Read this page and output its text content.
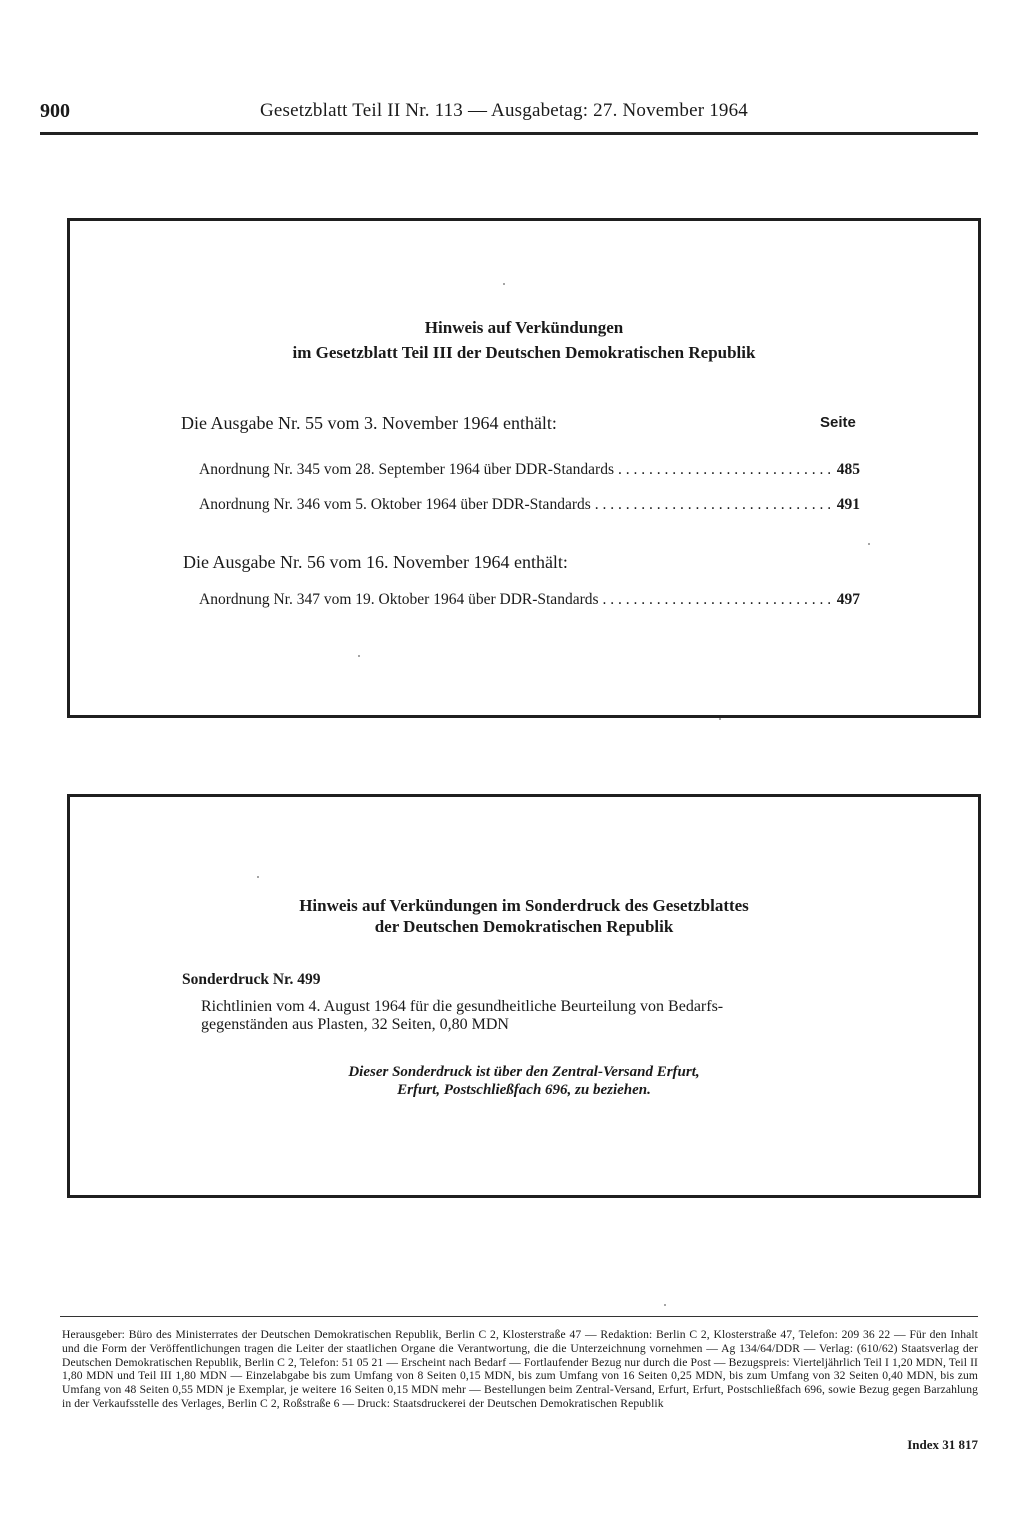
900	Gesetzblatt Teil II Nr. 113 — Ausgabetag: 27. November 1964
Hinweis auf Verkündungen
im Gesetzblatt Teil III der Deutschen Demokratischen Republik
Die Ausgabe Nr. 55 vom 3. November 1964 enthält:	Seite
Anordnung Nr. 345 vom 28. September 1964 über DDR-Standards . . .	485
Anordnung Nr. 346 vom 5. Oktober 1964 über DDR-Standards . . .	491
Die Ausgabe Nr. 56 vom 16. November 1964 enthält:
Anordnung Nr. 347 vom 19. Oktober 1964 über DDR-Standards . . .	497
Hinweis auf Verkündungen im Sonderdruck des Gesetzblattes
der Deutschen Demokratischen Republik
Sonderdruck Nr. 499
Richtlinien vom 4. August 1964 für die gesundheitliche Beurteilung von Bedarfs-
gegenständen aus Plasten, 32 Seiten, 0,80 MDN
Dieser Sonderdruck ist über den Zentral-Versand Erfurt,
Erfurt, Postschließfach 696, zu beziehen.
Herausgeber: Büro des Ministerrates der Deutschen Demokratischen Republik, Berlin C 2, Klosterstraße 47 — Redaktion: Berlin C 2, Klosterstraße 47, Telefon: 209 36 22 — Für den Inhalt und die Form der Veröffentlichungen tragen die Leiter der staatlichen Organe die Verantwortung, die die Unterzeichnung vornehmen — Ag 134/64/DDR — Verlag: (610/62) Staatsverlag der Deutschen Demokratischen Republik, Berlin C 2, Telefon: 51 05 21 — Erscheint nach Bedarf — Fortlaufender Bezug nur durch die Post — Bezugspreis: Vierteljährlich Teil I 1,20 MDN, Teil II 1,80 MDN und Teil III 1,80 MDN — Einzelabgabe bis zum Umfang von 8 Seiten 0,15 MDN, bis zum Umfang von 16 Seiten 0,25 MDN, bis zum Umfang von 32 Seiten 0,40 MDN, bis zum Umfang von 48 Seiten 0,55 MDN je Exemplar, je weitere 16 Seiten 0,15 MDN mehr — Bestellungen beim Zentral-Versand, Erfurt, Erfurt, Postschließfach 696, sowie Bezug gegen Barzahlung in der Verkaufsstelle des Verlages, Berlin C 2, Roßstraße 6 — Druck: Staatsdruckerei der Deutschen Demokratischen Republik
Index 31 817
